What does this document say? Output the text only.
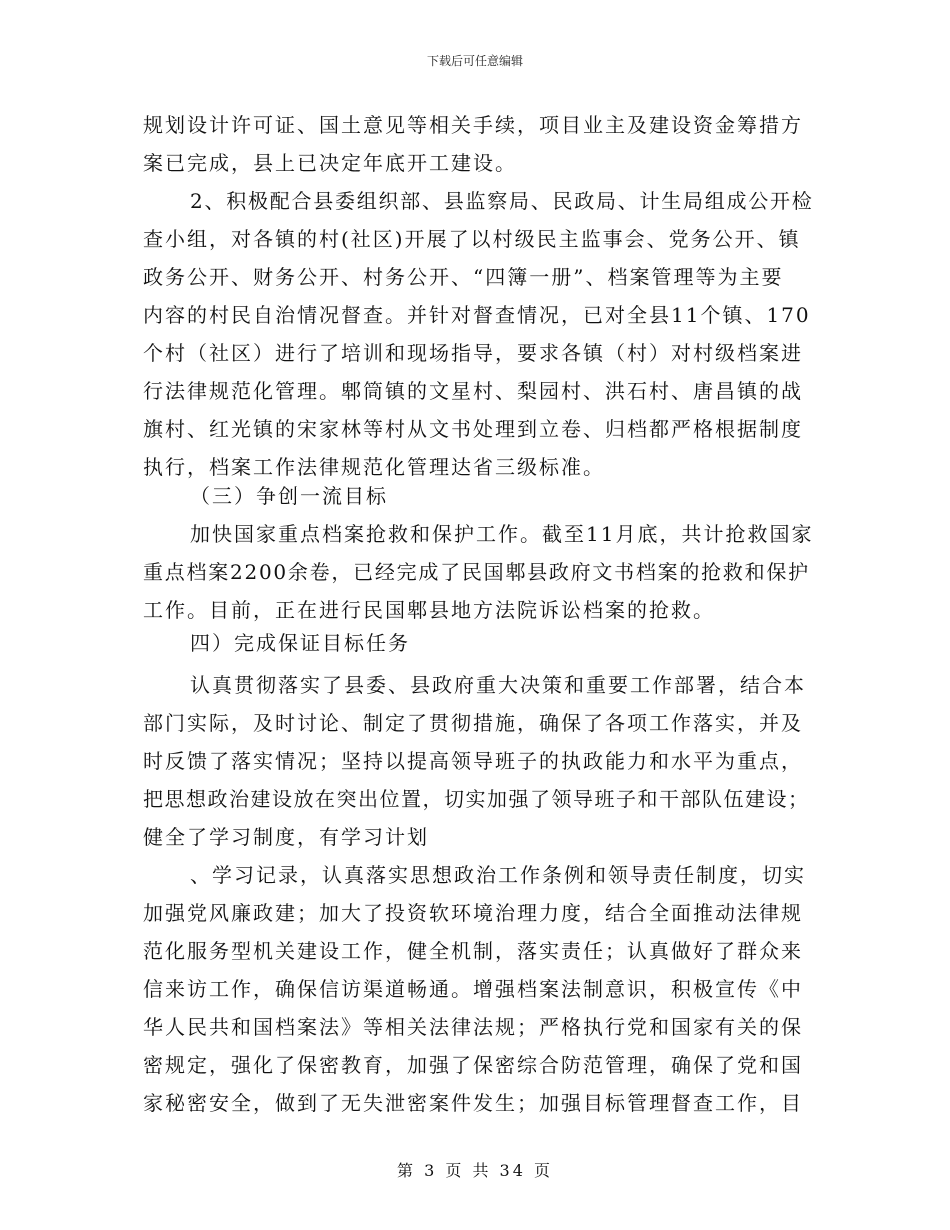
下载后可任意编辑
规划设计许可证、国土意见等相关手续，项目业主及建设资金筹措方
案已完成，县上已决定年底开工建设。
2、积极配合县委组织部、县监察局、民政局、计生局组成公开检
查小组，对各镇的村(社区)开展了以村级民主监事会、党务公开、镇
政务公开、财务公开、村务公开、“四簿一册”、档案管理等为主要
内容的村民自治情况督查。并针对督查情况，已对全县11个镇、170
个村（社区）进行了培训和现场指导，要求各镇（村）对村级档案进
行法律规范化管理。郫筒镇的文星村、梨园村、洪石村、唐昌镇的战
旗村、红光镇的宋家林等村从文书处理到立卷、归档都严格根据制度
执行，档案工作法律规范化管理达省三级标准。
（三）争创一流目标
加快国家重点档案抢救和保护工作。截至11月底，共计抢救国家
重点档案2200余卷，已经完成了民国郫县政府文书档案的抢救和保护
工作。目前，正在进行民国郫县地方法院诉讼档案的抢救。
四）完成保证目标任务
认真贯彻落实了县委、县政府重大决策和重要工作部署，结合本
部门实际，及时讨论、制定了贯彻措施，确保了各项工作落实，并及
时反馈了落实情况；坚持以提高领导班子的执政能力和水平为重点，
把思想政治建设放在突出位置，切实加强了领导班子和干部队伍建设；
健全了学习制度，有学习计划
、学习记录，认真落实思想政治工作条例和领导责任制度，切实
加强党风廉政建；加大了投资软环境治理力度，结合全面推动法律规
范化服务型机关建设工作，健全机制，落实责任；认真做好了群众来
信来访工作，确保信访渠道畅通。增强档案法制意识，积极宣传《中
华人民共和国档案法》等相关法律法规；严格执行党和国家有关的保
密规定，强化了保密教育，加强了保密综合防范管理，确保了党和国
家秘密安全，做到了无失泄密案件发生；加强目标管理督查工作，目
第 3 页 共 34 页
